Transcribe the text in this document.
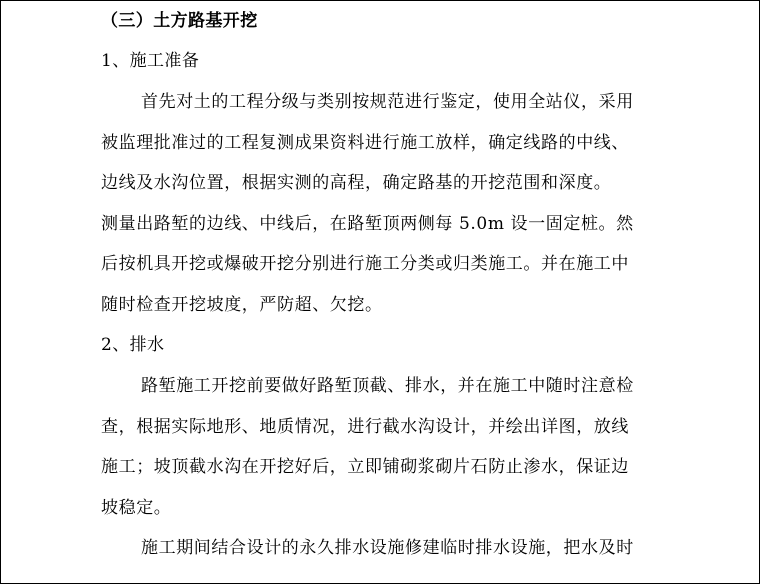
（三）土方路基开挖
1、施工准备
首先对土的工程分级与类别按规范进行鉴定，使用全站仪，采用
被监理批准过的工程复测成果资料进行施工放样，确定线路的中线、
边线及水沟位置，根据实测的高程，确定路基的开挖范围和深度。
测量出路堑的边线、中线后，在路堑顶两侧每 5.0m 设一固定桩。然
后按机具开挖或爆破开挖分别进行施工分类或归类施工。并在施工中
随时检查开挖坡度，严防超、欠挖。
2、排水
路堑施工开挖前要做好路堑顶截、排水，并在施工中随时注意检
查，根据实际地形、地质情况，进行截水沟设计，并绘出详图，放线
施工；坡顶截水沟在开挖好后，立即铺砌浆砌片石防止渗水，保证边
坡稳定。
施工期间结合设计的永久排水设施修建临时排水设施，把水及时
